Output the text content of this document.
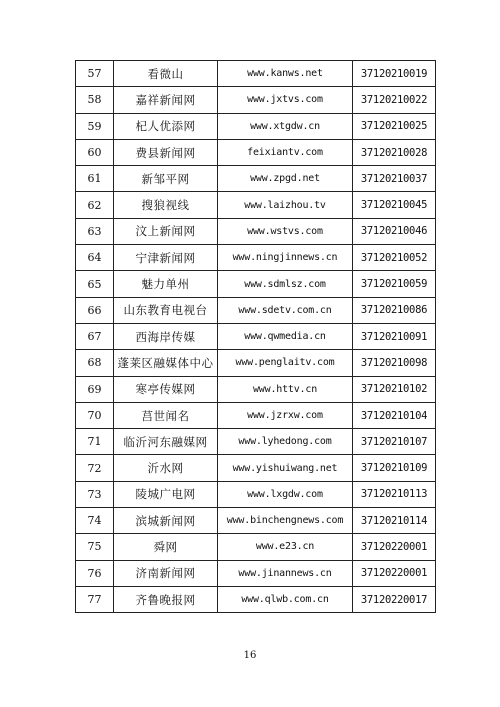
57	看微山	www.kanws.net	37120210019
58	嘉祥新闻网	www.jxtvs.com	37120210022
59	杞人优添网	www.xtgdw.cn	37120210025
60	费县新闻网	feixiantv.com	37120210028
61	新邹平网	www.zpgd.net	37120210037
62	搜狼视线	www.laizhou.tv	37120210045
63	汶上新闻网	www.wstvs.com	37120210046
64	宁津新闻网	www.ningjinnews.cn	37120210052
65	魅力单州	www.sdmlsz.com	37120210059
66	山东教育电视台	www.sdetv.com.cn	37120210086
67	西海岸传媒	www.qwmedia.cn	37120210091
68	蓬莱区融媒体中心	www.penglaitv.com	37120210098
69	寒亭传媒网	www.httv.cn	37120210102
70	莒世闻名	www.jzrxw.com	37120210104
71	临沂河东融媒网	www.lyhedong.com	37120210107
72	沂水网	www.yishuiwang.net	37120210109
73	陵城广电网	www.lxgdw.com	37120210113
74	滨城新闻网	www.binchengnews.com	37120210114
75	舜网	www.e23.cn	37120220001
76	济南新闻网	www.jinannews.cn	37120220001
77	齐鲁晚报网	www.qlwb.com.cn	37120220017
16
